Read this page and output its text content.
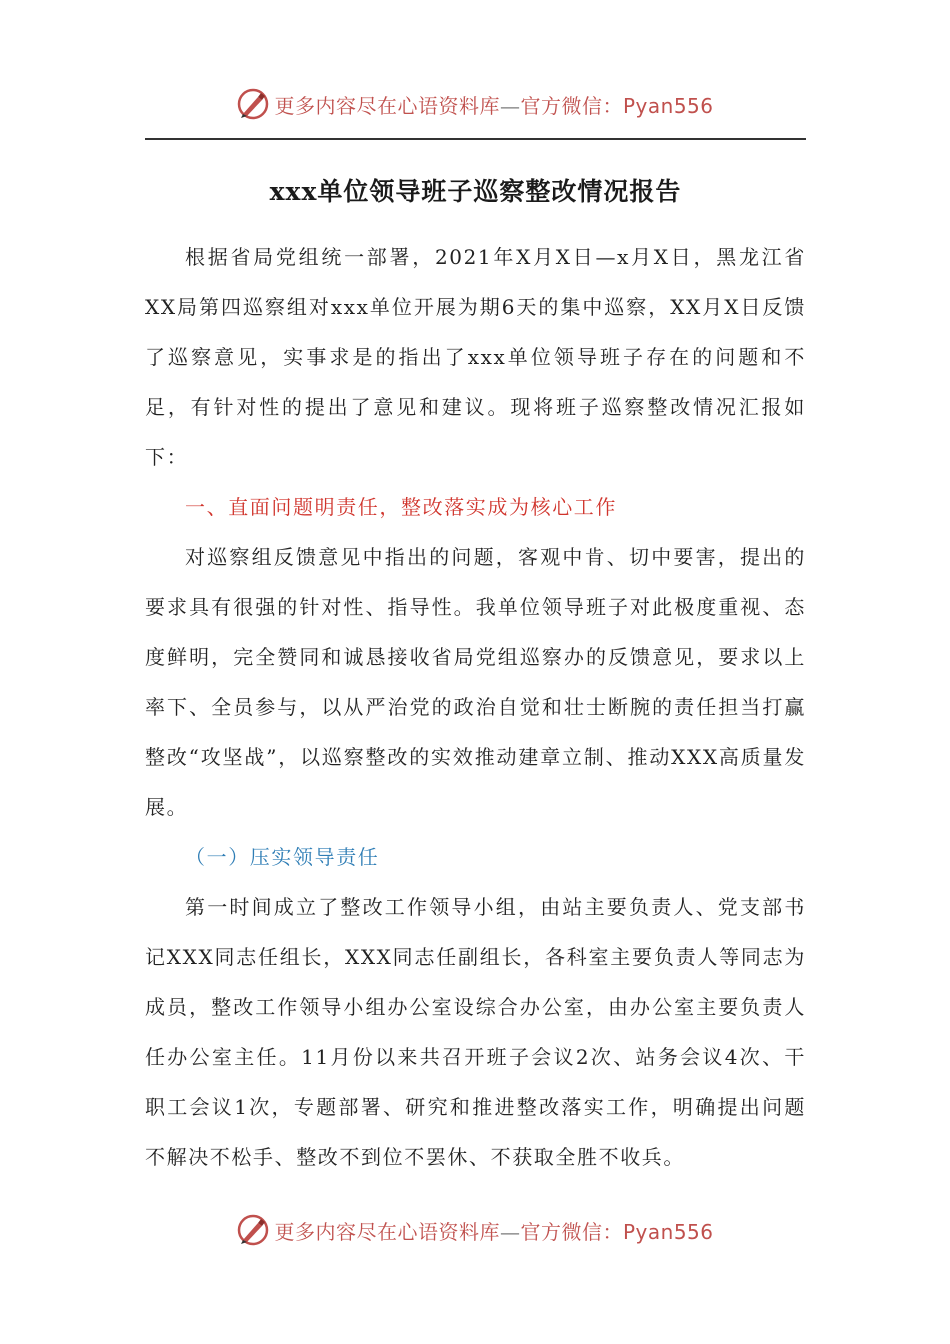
更多内容尽在心语资料库—官方微信：Pyan556
xxx单位领导班子巡察整改情况报告

根据省局党组统一部署，2021年X月X日—x月X日，黑龙江省XX局第四巡察组对xxx单位开展为期6天的集中巡察，XX月X日反馈了巡察意见，实事求是的指出了xxx单位领导班子存在的问题和不足，有针对性的提出了意见和建议。现将班子巡察整改情况汇报如下：

一、直面问题明责任，整改落实成为核心工作

对巡察组反馈意见中指出的问题，客观中肯、切中要害，提出的要求具有很强的针对性、指导性。我单位领导班子对此极度重视、态度鲜明，完全赞同和诚恳接收省局党组巡察办的反馈意见，要求以上率下、全员参与，以从严治党的政治自觉和壮士断腕的责任担当打赢整改“攻坚战”，以巡察整改的实效推动建章立制、推动XXX高质量发展。

（一）压实领导责任

第一时间成立了整改工作领导小组，由站主要负责人、党支部书记XXX同志任组长，XXX同志任副组长，各科室主要负责人等同志为成员，整改工作领导小组办公室设综合办公室，由办公室主要负责人任办公室主任。11月份以来共召开班子会议2次、站务会议4次、干职工会议1次，专题部署、研究和推进整改落实工作，明确提出问题不解决不松手、整改不到位不罢休、不获取全胜不收兵。

更多内容尽在心语资料库—官方微信：Pyan556
